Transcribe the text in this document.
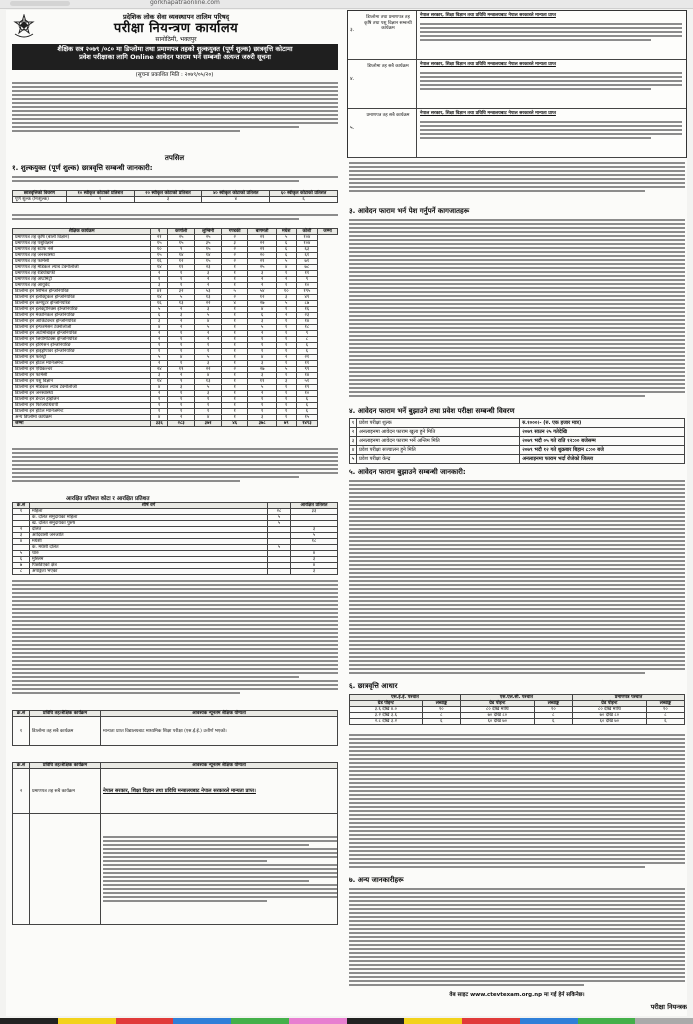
gorkhapatraonline.com
प्रदेशिक लोक सेवा व्यवस्थापन तालिम परिषद्
परीक्षा नियन्त्रण कार्यालय
सानोठिमी, भक्तपुर
शैक्षिक सत्र २०७९ /०८० मा डिप्लोमा तथा प्रमाणपत्र तहको शुल्कयुक्त (पूर्ण शुल्क) छात्रवृत्ति कोटामा
प्रवेश परीक्षाका लागि Online आवेदन फाराम भर्ने सम्बन्धी अत्यन्त जरुरी सूचना
(सूचना प्रकाशित मिति : २०७९/०५/२०)
तपसिल
१. शुल्कयुक्त (पूर्ण शुल्क) छात्रवृत्ति सम्बन्धी जानकारी:
छात्रवृत्तिको विवरण	१० स्वीकृत कोटाको प्रतिशत	२० स्वीकृत कोटाको प्रतिशत	४० स्वीकृत कोटाको प्रतिशत	६० स्वीकृत कोटाको प्रतिशत
पूर्ण शुल्क (निःशुल्क)	१	३	४	६
शैक्षिक कार्यक्रम	१	कर्णाली	लुम्बिनी	गण्डकी	बागमती	मधेश	कोशी	जम्मा
प्रमाणपत्र तह कृषि (बाली विज्ञान)	२१	२५	२५	२	२१	५	१०४	
प्रमाणपत्र तह पशुविज्ञान	१५	१५	३५	३	२२	६	१०४	
प्रमाणपत्र तह स्टाफ नर्स	१०	९	१५	२	२१	६	६३	
प्रमाणपत्र तह जनस्वास्थ्य	१५	१४	१४	२	२०	६	६१	
प्रमाणपत्र तह फार्मेसी	१६	१२	१५	२	२१	५	७१	
प्रमाणपत्र तह मेडिकल ल्याब टेक्नोलोजी	१४	११	२३	१	२५	४	७८	
प्रमाणपत्र तह रेडियोग्राफी	२	१	३	१	३	१	११	
प्रमाणपत्र तह अप्टोमेट्री	१	१	२	१	२	२	९	
प्रमाणपत्र तह आयुर्वेद	३	१	२	१	२	१	१०	
डिप्लोमा इन सिभिल इन्जिनियरिङ	४१	३२	५३	५	५४	१०	१९५	
डिप्लोमा इन इलेक्ट्रिकल इन्जिनियरिङ	१४	५	१३	२	१२	३	४९	
डिप्लोमा इन कम्प्युटर इन्जिनियरिङ	१६	१३	२२	४	२७	५	८७	
डिप्लोमा इन इलेक्ट्रोनिक्स इन्जिनियरिङ	५	२	३	१	४	१	१६	
डिप्लोमा इन मेकानिकल इन्जिनियरिङ	६	३	५	१	६	२	२३	
डिप्लोमा इन आर्किटेक्चर इन्जिनियरिङ	३	२	४	१	३	१	१४	
डिप्लोमा इन इन्फरमेसन टेक्नोलोजी	४	२	५	१	५	१	१८	
डिप्लोमा इन अटोमोबाइल इन्जिनियरिङ	२	१	२	१	२	१	९	
डिप्लोमा इन जियोमेटिक्स इन्जिनियरिङ	२	१	२	१	१	१	८	
डिप्लोमा इन इरिगेसन इन्जिनियरिङ	१	१	१	१	१	१	६	
डिप्लोमा इन हाइड्रोपावर इन्जिनियरिङ	१	१	१	१	१	१	६	
डिप्लोमा इन फरेस्ट्री	५	४	५	१	४	२	२१	
डिप्लोमा इन होटल म्यानेजमेन्ट	२	१	३	१	३	१	११	
डिप्लोमा इन एग्रिकल्चर	२४	१९	२२	२	२७	५	९९	
डिप्लोमा इन फार्मेसी	३	२	४	१	३	१	१४	
डिप्लोमा इन पशु विज्ञान	१४	९	१३	१	११	३	५१	
डिप्लोमा इन मेडिकल ल्याब टेक्नोलोजी	४	३	५	१	५	१	१९	
डिप्लोमा इन जनस्वास्थ्य	२	१	३	१	२	१	१०	
डिप्लोमा इन डेन्टल हाइजिन	१	१	१	१	१	१	६	
डिप्लोमा इन फिजियोथेरापी	१	१	१	१	१	१	६	
डिप्लोमा इन होटेल म्यानेजमेन्ट	१	१	१	१	१	१	६	
अन्य डिप्लोमा कार्यक्रम	४	२	४	१	३	१	१५	
जम्मा	३३६	२८३	३७१	४६	३७८	७९	१४९३	
आरक्षित प्रतिशत कोटा र आरक्षित प्रतिशत
क्र.सं	शीर्ष वर्ग		आरक्षित प्रतिशत
१	महिला	२८	३३
	क. दलित समुदायका महिला	५	
	ख. दलित समुदायका पुरुष	५	
२	दलित		३
३	आदिवासी जनजाति		५
४	मधेशी		१८
	क. मधेशी दलित	५	
५	थारु		४
६	मुस्लिम		३
७	पिछडिएको क्षेत्र		४
८	अपाङ्गता भएका		३
क्र.सं	प्रविधि तह/शैक्षिक कार्यक्रम	आवश्यक न्यूनतम शैक्षिक योग्यता
१	डिप्लोमा तह सबै कार्यक्रम	मान्यता प्राप्त विद्यालयबाट माध्यमिक शिक्षा परीक्षा (एस.ई.ई.) उत्तीर्ण भएको।
क्र.सं	प्रविधि तह/शैक्षिक कार्यक्रम	आवश्यक न्यूनतम शैक्षिक योग्यता
२	प्रमाणपत्र तह सबै कार्यक्रम	नेपाल सरकार, शिक्षा विज्ञान तथा प्रविधि मन्त्रालयबाट नेपाल सरकारले मान्यता प्राप्त।

३.
डिप्लोमा तथा प्रमाणपत्र तह कृषि तथा पशु विज्ञान सम्बन्धी कार्यक्रम
नेपाल सरकार, शिक्षा विज्ञान तथा प्रविधि मन्त्रालयबाट नेपाल सरकारले मान्यता प्राप्त
४.
डिप्लोमा तह सबै कार्यक्रम	नेपाल सरकार, शिक्षा विज्ञान तथा प्रविधि मन्त्रालयबाट नेपाल सरकारले मान्यता प्राप्त
५.
प्रमाणपत्र तह सबै कार्यक्रम	नेपाल सरकार, शिक्षा विज्ञान तथा प्रविधि मन्त्रालयबाट नेपाल सरकारले मान्यता प्राप्त
३. आवेदन फाराम भर्न पेश गर्नुपर्ने कागजातहरू
४. आवेदन फाराम भर्ने बुझाउने तथा प्रवेश परीक्षा सम्बन्धी विवरण
१	प्रवेश परीक्षा शुल्क	रु.१०००।- (रु. एक हजार मात्र)
२	अनलाइनमा आवेदन फाराम खुला हुने मिति	२०७९ साउन २५ गतेदेखि
३	अनलाइनमा आवेदन फाराम भर्ने अन्तिम मिति	२०७९ भदौ ०५ गते राति १२:०० बजेसम्म
४	प्रवेश परीक्षा सञ्चालन हुने मिति	२०७९ भदौ १२ गते शुक्रबार बिहान ८:०० बजे
५	प्रवेश परीक्षा केन्द्र	अनलाइनमा फाराम भर्दा रोजेको जिल्ला
५. आवेदन फाराम बुझाउने सम्बन्धी जानकारी:
६. छात्रवृत्ति आधार
एस.ई.ई. पश्चात		एस.एल.सी. पश्चात		प्रमाणपत्र पश्चात	
ग्रेड पोइन्ट	लब्धाङ्क	ग्रेड पोइन्ट	लब्धाङ्क	ग्रेड पोइन्ट	लब्धाङ्क
३.६ देखि ४.०	१०	८० देखि माथि	१०	८० देखि माथि	१०
३.२ देखि ३.६	८	७० देखि ८०	८	७० देखि ८०	८
२.८ देखि ३.२	६	६० देखि ७०	६	६० देखि ७०	६
७. अन्य जानकारीहरू
वेब साइट www.ctevtexam.org.np मा गई हेर्न सकिनेछ।
परीक्षा नियन्त्रक
